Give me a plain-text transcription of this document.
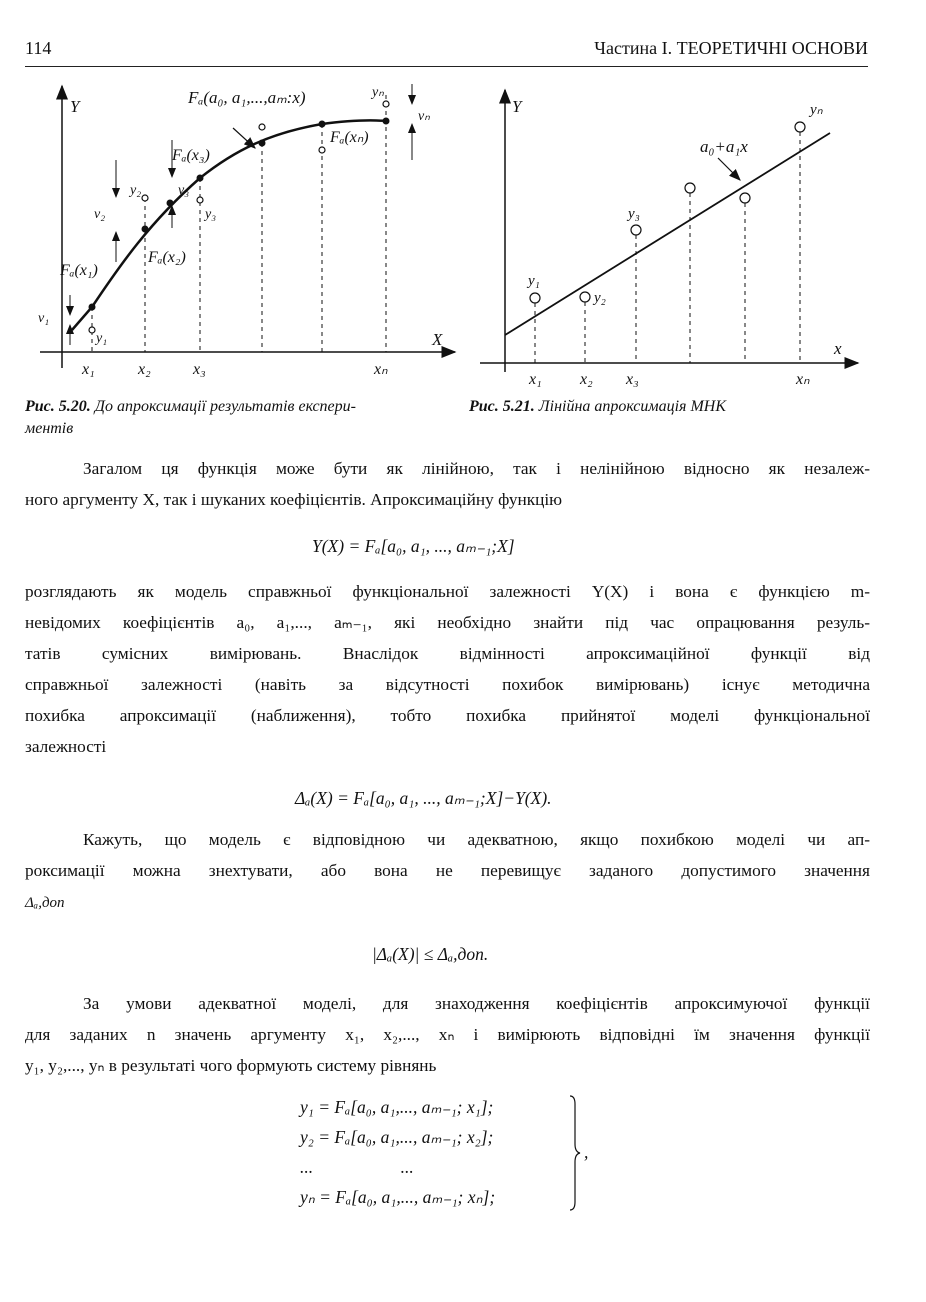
114	Частина I. ТЕОРЕТИЧНІ ОСНОВИ
Y
X
Fₐ(a₀, a₁,...,aₘ:x)
Fₐ(x₁)
Fₐ(x₂)
Fₐ(x₃)
Fₐ(xₙ)
y₁
y₂
y₃
yₙ
v₁
v₂
v₃
vₙ
x₁	x₂	x₃	xₙ
Y
x
a₀+a₁x
y₁
y₂
y₃
yₙ
x₁ x₂ x₃	xₙ
Рис. 5.20. До апроксимації результатів експери-
ментів
Рис. 5.21. Лінійна апроксимація МНК
Загалом ця функція може бути як лінійною, так і нелінійною відносно як незалеж-
ного аргументу X, так і шуканих коефіцієнтів. Апроксимаційну функцію
Y(X) = Fₐ[a₀, a₁, ..., aₘ₋₁;X]
розглядають як модель справжньої функціональної залежності Y(X) і вона є функцією m-
невідомих коефіцієнтів a₀, a₁,..., aₘ₋₁, які необхідно знайти під час опрацювання резуль-
татів сумісних вимірювань. Внаслідок відмінності апроксимаційної функції від
справжньої залежності (навіть за відсутності похибок вимірювань) існує методична
похибка апроксимації (наближення), тобто похибка прийнятої моделі функціональної
залежності
Δₐ(X) = Fₐ[a₀, a₁, ..., aₘ₋₁;X]−Y(X).
Кажуть, що модель є відповідною чи адекватною, якщо похибкою моделі чи ап-
роксимації можна знехтувати, або вона не перевищує заданого допустимого значення
Δₐ,доп
|Δₐ(X)| ≤ Δₐ,доп.
За умови адекватної моделі, для знаходження коефіцієнтів апроксимуючої функції
для заданих n значень аргументу x₁, x₂,..., xₙ і вимірюють відповідні їм значення функції
y₁, y₂,..., yₙ в результаті чого формують систему рівнянь
y₁ = Fₐ[a₀, a₁,..., aₘ₋₁; x₁];
y₂ = Fₐ[a₀, a₁,..., aₘ₋₁; x₂];
...                    ...
yₙ = Fₐ[a₀, a₁,..., aₘ₋₁; xₙ];
,
